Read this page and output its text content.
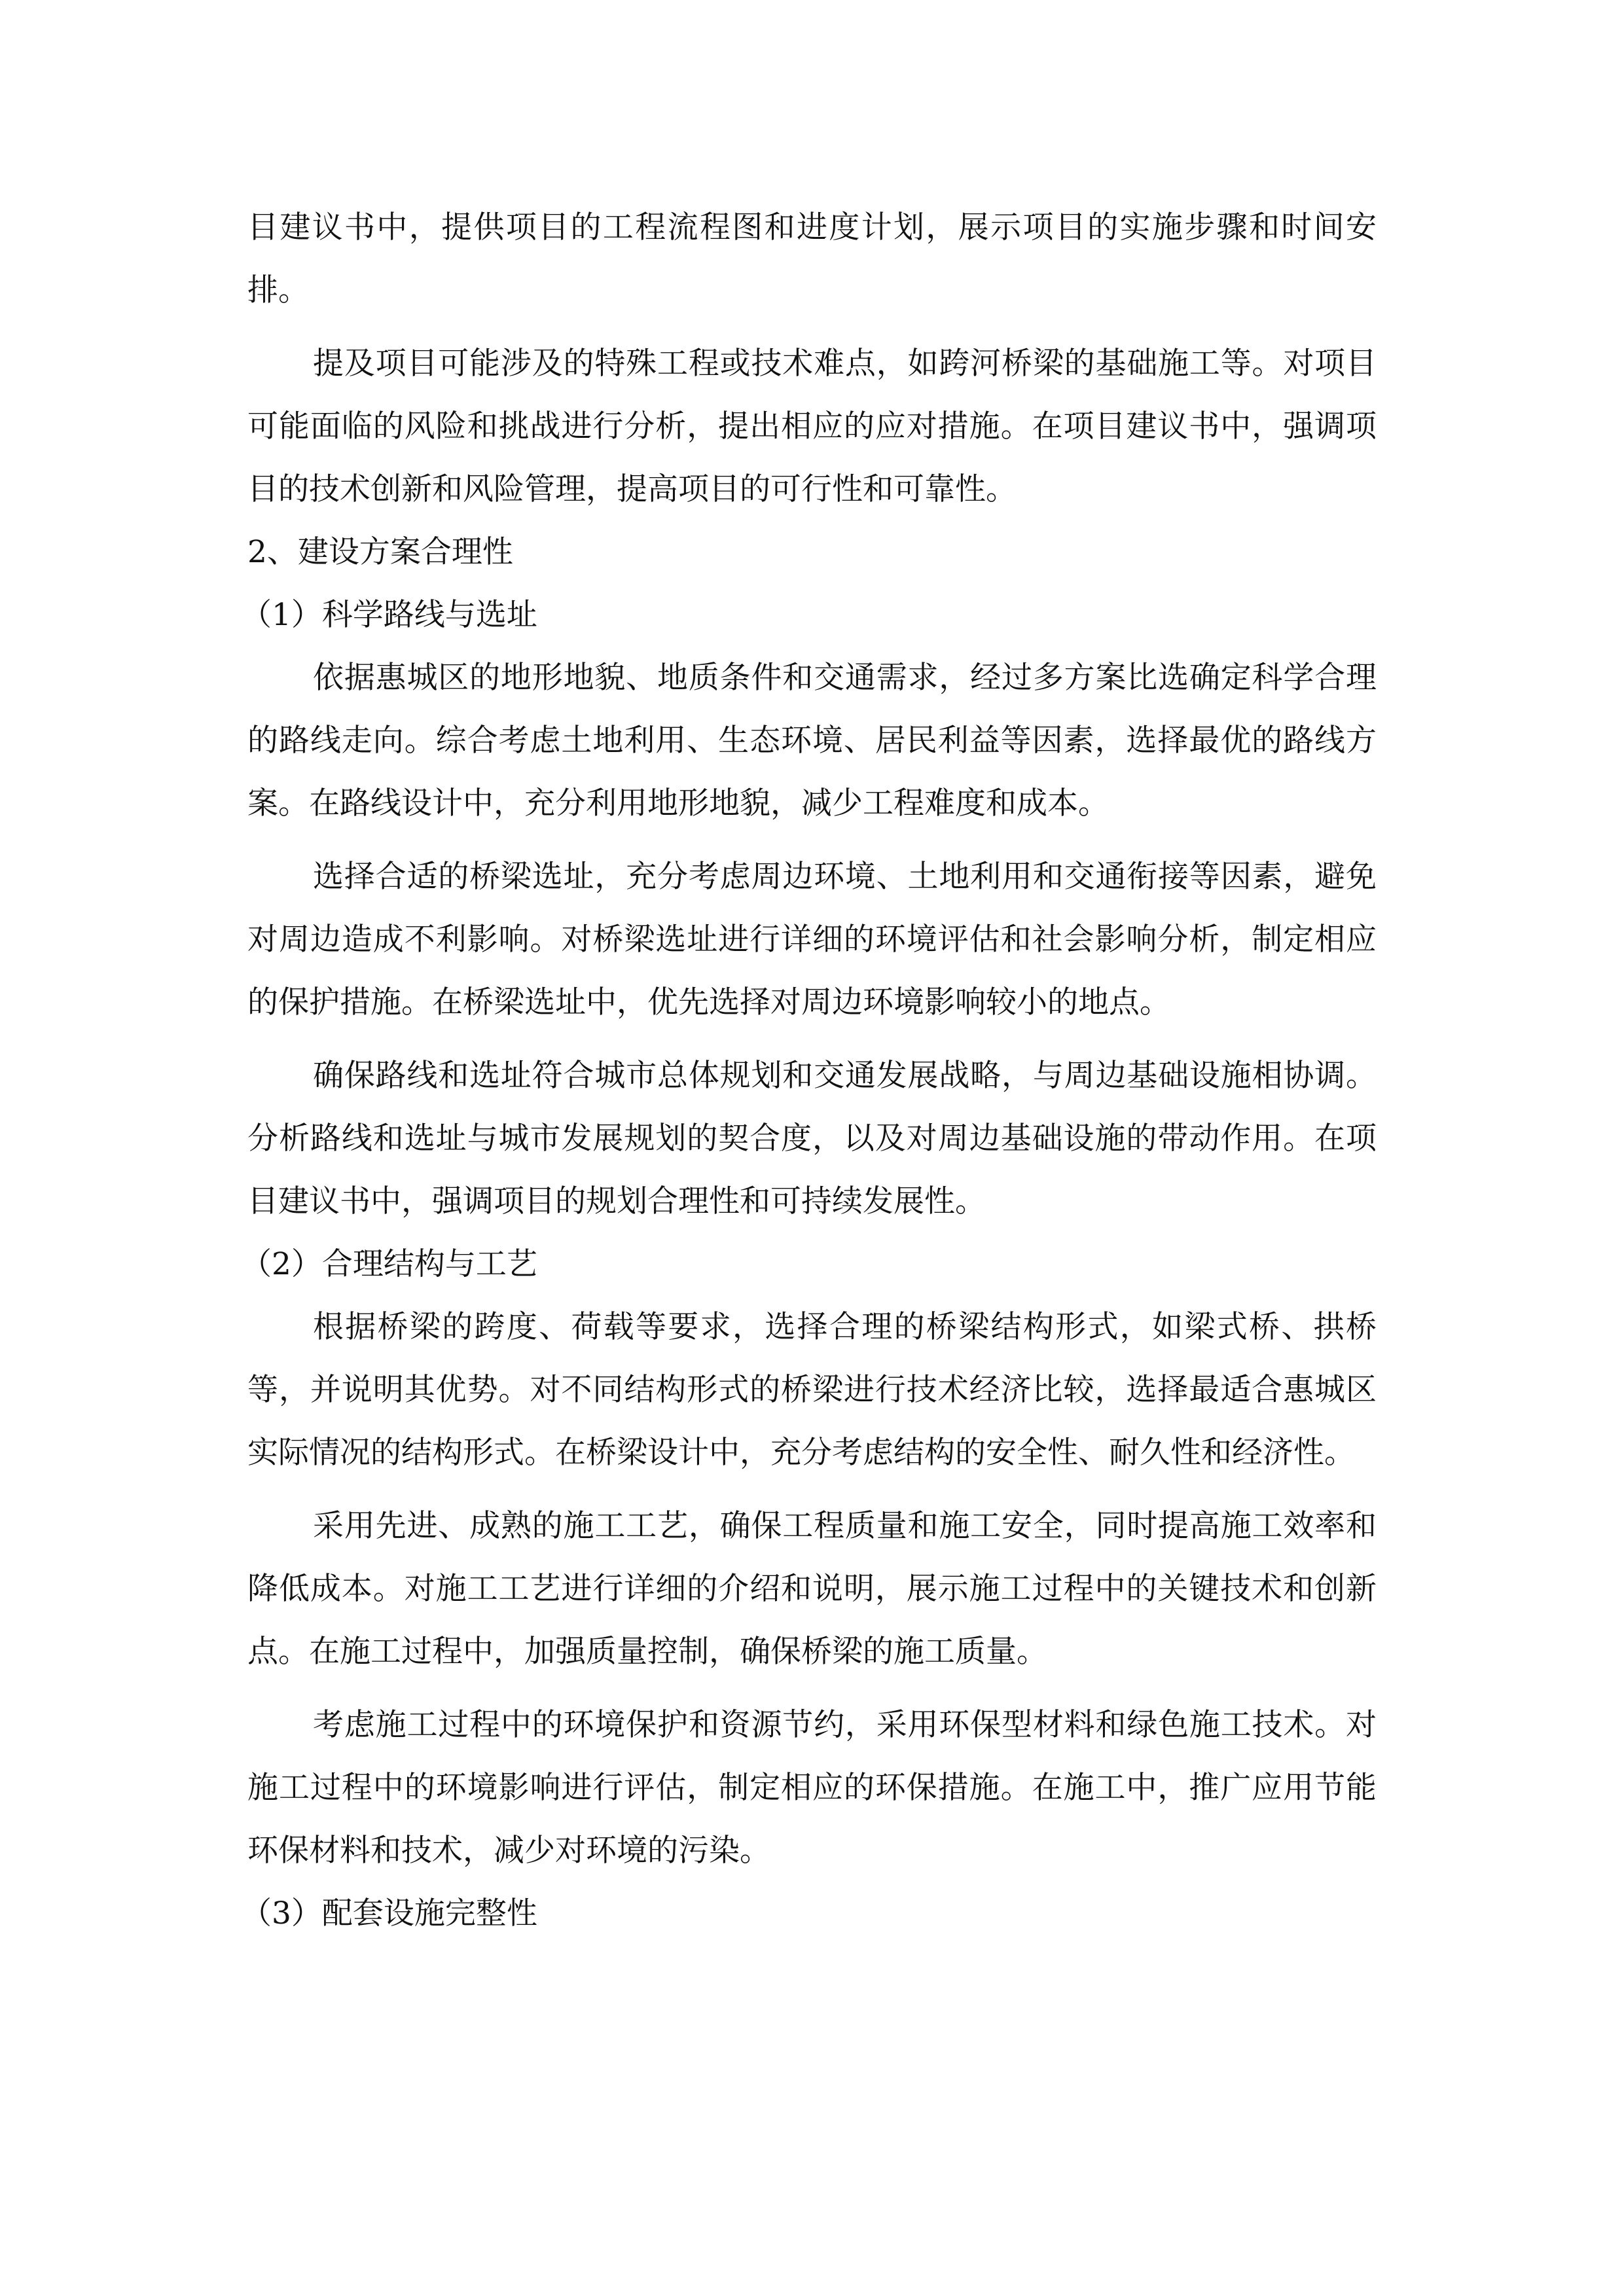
目建议书中，提供项目的工程流程图和进度计划，展示项目的实施步骤和时间安排。

提及项目可能涉及的特殊工程或技术难点，如跨河桥梁的基础施工等。对项目可能面临的风险和挑战进行分析，提出相应的应对措施。在项目建议书中，强调项目的技术创新和风险管理，提高项目的可行性和可靠性。

2、建设方案合理性

（1）科学路线与选址

依据惠城区的地形地貌、地质条件和交通需求，经过多方案比选确定科学合理的路线走向。综合考虑土地利用、生态环境、居民利益等因素，选择最优的路线方案。在路线设计中，充分利用地形地貌，减少工程难度和成本。

选择合适的桥梁选址，充分考虑周边环境、土地利用和交通衔接等因素，避免对周边造成不利影响。对桥梁选址进行详细的环境评估和社会影响分析，制定相应的保护措施。在桥梁选址中，优先选择对周边环境影响较小的地点。

确保路线和选址符合城市总体规划和交通发展战略，与周边基础设施相协调。分析路线和选址与城市发展规划的契合度，以及对周边基础设施的带动作用。在项目建议书中，强调项目的规划合理性和可持续发展性。

（2）合理结构与工艺

根据桥梁的跨度、荷载等要求，选择合理的桥梁结构形式，如梁式桥、拱桥等，并说明其优势。对不同结构形式的桥梁进行技术经济比较，选择最适合惠城区实际情况的结构形式。在桥梁设计中，充分考虑结构的安全性、耐久性和经济性。

采用先进、成熟的施工工艺，确保工程质量和施工安全，同时提高施工效率和降低成本。对施工工艺进行详细的介绍和说明，展示施工过程中的关键技术和创新点。在施工过程中，加强质量控制，确保桥梁的施工质量。

考虑施工过程中的环境保护和资源节约，采用环保型材料和绿色施工技术。对施工过程中的环境影响进行评估，制定相应的环保措施。在施工中，推广应用节能环保材料和技术，减少对环境的污染。

（3）配套设施完整性
